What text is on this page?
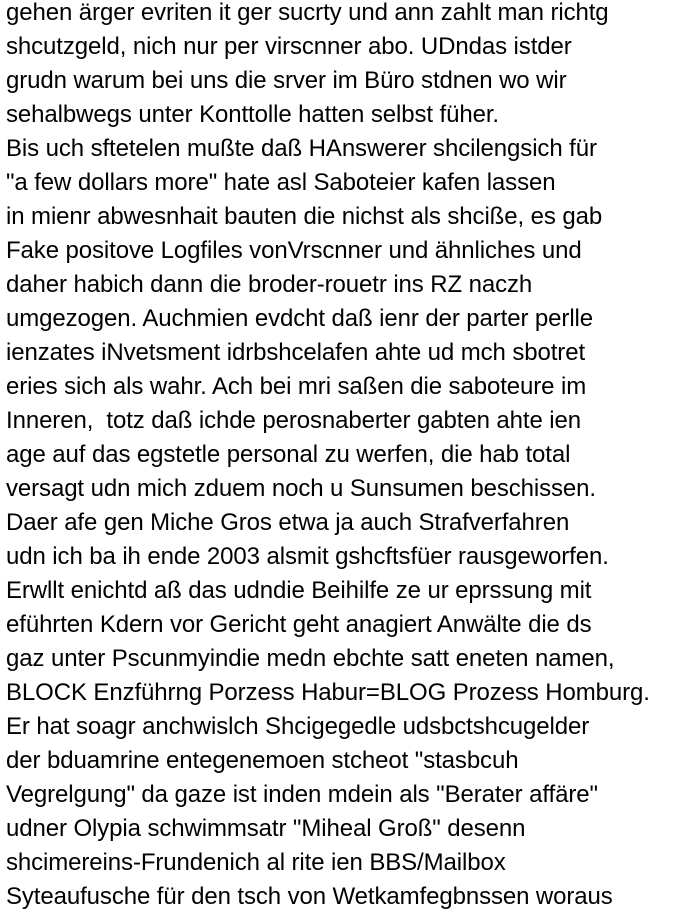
gehen ärger evriten it ger sucrty und ann zahlt man richtg
shcutzgeld, nich nur per virscnner abo. UDndas istder
grudn warum bei uns die srver im Büro stdnen wo wir
sehalbwegs unter Konttolle hatten selbst füher.
Bis uch sftetelen mußte daß HAnswerer shcilengsich für
"a few dollars more" hate asl Saboteier kafen lassen
in mienr abwesnhait bauten die nichst als shcißе, es gab
Fake positove Logfiles vonVrscnner und ähnliches und
daher habich dann die broder-rouetr ins RZ naczh
umgezogen. Auchmien evdcht daß ienr der parter perlle
ienzates iNvetsment idrbshcelafen ahte ud mch sbotret
eries sich als wahr. Ach bei mri saßen die saboteure im
Inneren,  totz daß ichde perosnaberter gabten ahte ien
age auf das egstetle personal zu werfen, die hab total
versagt udn mich zduem noch u Sunsumen beschissen.
Daer afe gen Miche Gros etwa ja auch Strafverfahren
udn ich ba ih ende 2003 alsmit gshcftsfüer rausgeworfen.
Erwllt enichtd aß das udndie Beihilfe ze ur eprssung mit
eführten Kdern vor Gericht geht anagiert Anwälte die ds
gaz unter Pscunmyindie medn ebchte satt eneten namen,
BLOCK Enzführng Porzess Habur=BLOG Prozess Homburg.
Er hat soagr anchwislch Shcigegedle udsbctshcugelder
der bduamrine entegenemoen stcheot "stasbcuh
Vegrelgung" da gaze ist inden mdein als "Berater affäre"
udner Olypia schwimmsatr "Miheal Groß" desenn
shcimereins-Frundenich al rite ien BBS/Mailbox
Syteaufusche für den tsch von Wetkamfegbnssen woraus
